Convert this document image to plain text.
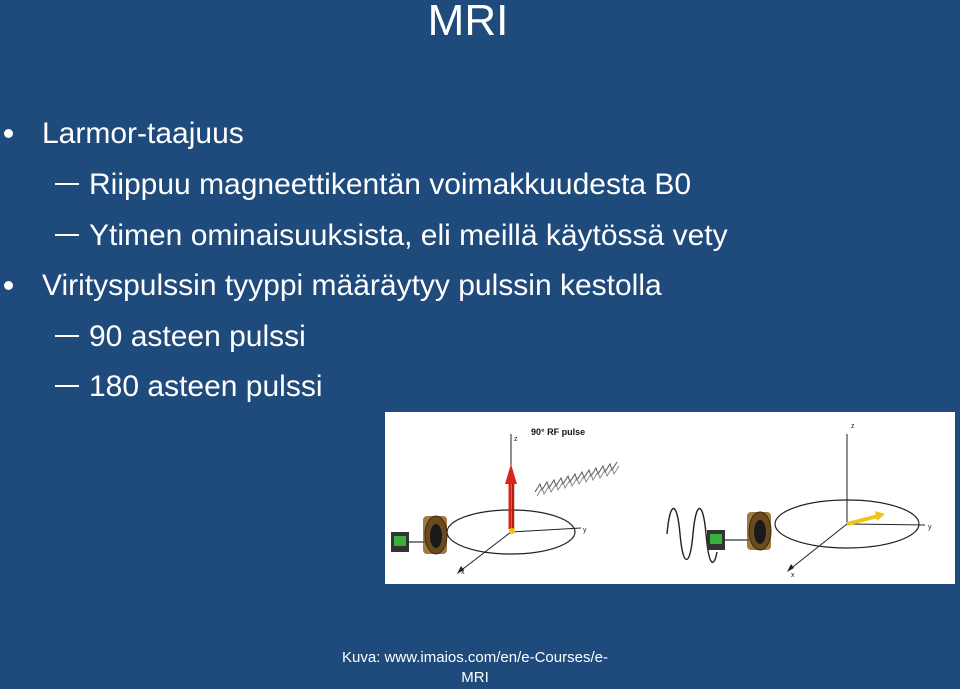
MRI
Larmor-taajuus
Riippuu magneettikentän voimakkuudesta B0
Ytimen ominaisuuksista, eli meillä käytössä vety
Virityspulssin tyyppi määräytyy pulssin kestolla
90 asteen pulssi
180 asteen pulssi
y
x
z
90° RF pulse
y
x
z
Kuva: www.imaios.com/en/e-Courses/e-
MRI
